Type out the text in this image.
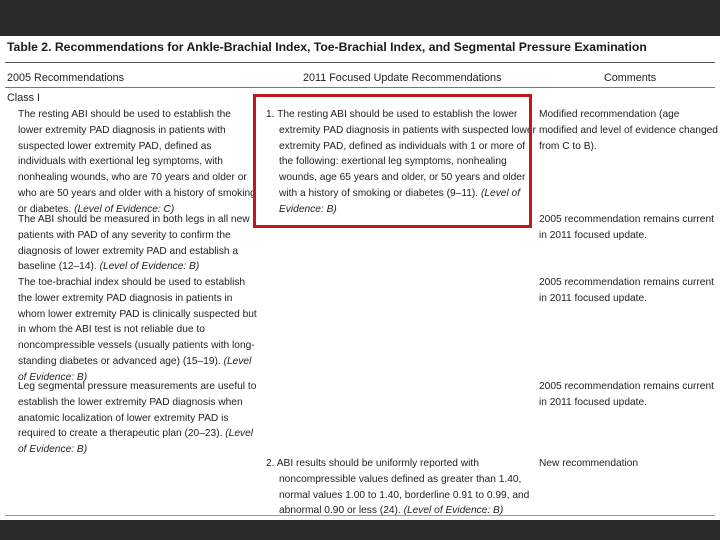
Table 2. Recommendations for Ankle-Brachial Index, Toe-Brachial Index, and Segmental Pressure Examination
2005 Recommendations	2011 Focused Update Recommendations	Comments
Class I
The resting ABI should be used to establish the lower extremity PAD diagnosis in patients with suspected lower extremity PAD, defined as individuals with exertional leg symptoms, with nonhealing wounds, who are 70 years and older or who are 50 years and older with a history of smoking or diabetes. (Level of Evidence: C)
1. The resting ABI should be used to establish the lower extremity PAD diagnosis in patients with suspected lower extremity PAD, defined as individuals with 1 or more of the following: exertional leg symptoms, nonhealing wounds, age 65 years and older, or 50 years and older with a history of smoking or diabetes (9–11). (Level of Evidence: B)
Modified recommendation (age modified and level of evidence changed from C to B).
The ABI should be measured in both legs in all new patients with PAD of any severity to confirm the diagnosis of lower extremity PAD and establish a baseline (12–14). (Level of Evidence: B)
2005 recommendation remains current in 2011 focused update.
The toe-brachial index should be used to establish the lower extremity PAD diagnosis in patients in whom lower extremity PAD is clinically suspected but in whom the ABI test is not reliable due to noncompressible vessels (usually patients with long-standing diabetes or advanced age) (15–19). (Level of Evidence: B)
2005 recommendation remains current in 2011 focused update.
Leg segmental pressure measurements are useful to establish the lower extremity PAD diagnosis when anatomic localization of lower extremity PAD is required to create a therapeutic plan (20–23). (Level of Evidence: B)
2005 recommendation remains current in 2011 focused update.
2. ABI results should be uniformly reported with noncompressible values defined as greater than 1.40, normal values 1.00 to 1.40, borderline 0.91 to 0.99, and abnormal 0.90 or less (24). (Level of Evidence: B)
New recommendation
